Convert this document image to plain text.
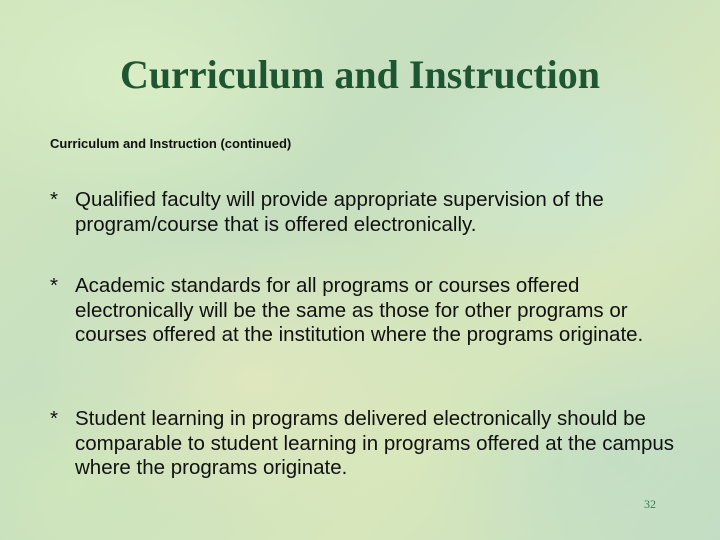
Curriculum and Instruction

Curriculum and Instruction (continued)

* Qualified faculty will provide appropriate supervision of the program/course that is offered electronically.

* Academic standards for all programs or courses offered electronically will be the same as those for other programs or courses offered at the institution where the programs originate.

* Student learning in programs delivered electronically should be comparable to student learning in programs offered at the campus where the programs originate.

32
